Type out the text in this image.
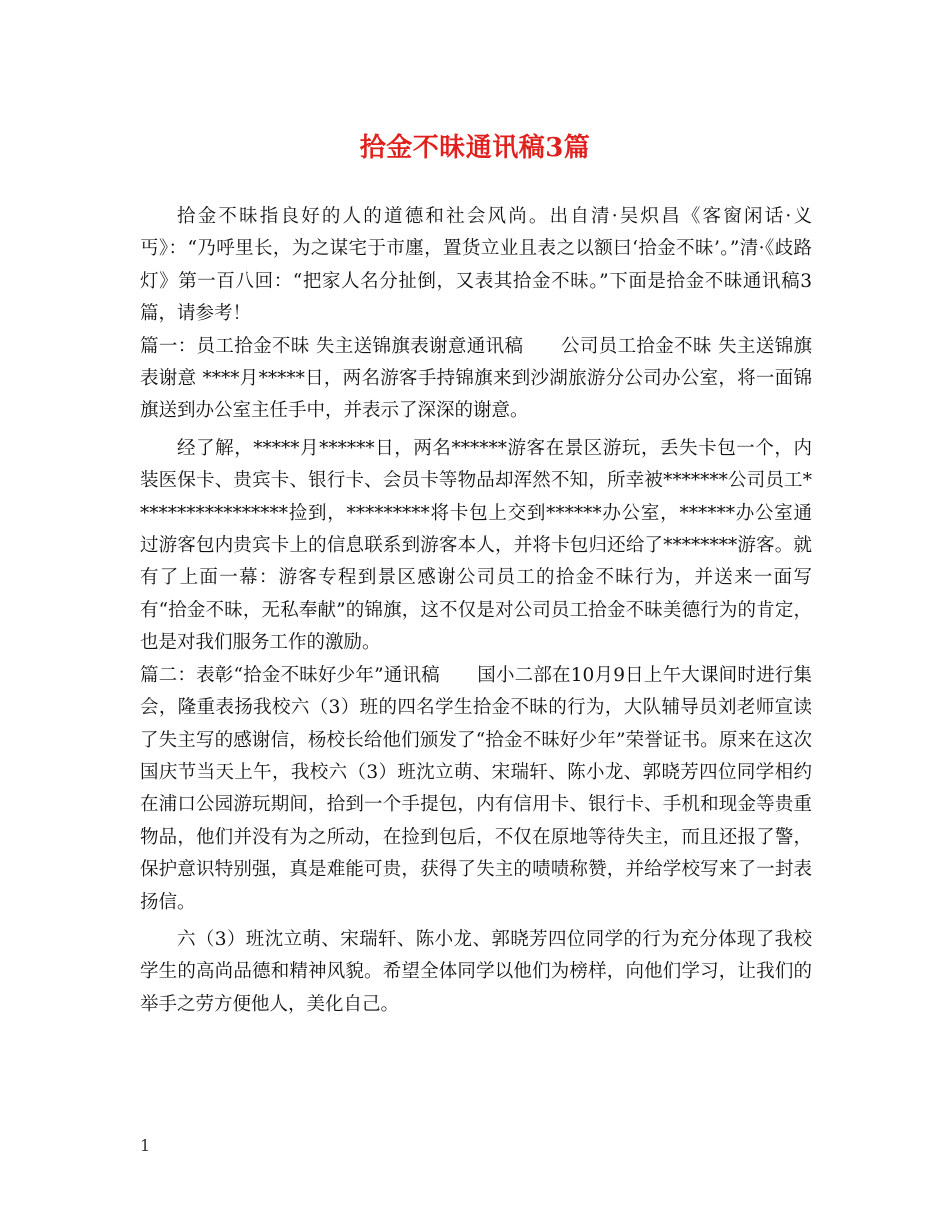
拾金不昧通讯稿3篇

拾金不昧指良好的人的道德和社会风尚。出自清·吴炽昌《客窗闲话·义丐》：“乃呼里长，为之谋宅于市廛，置货立业且表之以额曰‘拾金不昧’。”清·《歧路灯》第一百八回：“把家人名分扯倒，又表其拾金不昧。”下面是拾金不昧通讯稿3篇，请参考！

篇一：员工拾金不昧 失主送锦旗表谢意通讯稿　　公司员工拾金不昧 失主送锦旗表谢意 ****月*****日，两名游客手持锦旗来到沙湖旅游分公司办公室，将一面锦旗送到办公室主任手中，并表示了深深的谢意。

经了解，*****月******日，两名******游客在景区游玩，丢失卡包一个，内装医保卡、贵宾卡、银行卡、会员卡等物品却浑然不知，所幸被*******公司员工*****************捡到，*********将卡包上交到******办公室，******办公室通过游客包内贵宾卡上的信息联系到游客本人，并将卡包归还给了********游客。就有了上面一幕：游客专程到景区感谢公司员工的拾金不昧行为，并送来一面写有“拾金不昧，无私奉献”的锦旗，这不仅是对公司员工拾金不昧美德行为的肯定，也是对我们服务工作的激励。

篇二：表彰“拾金不昧好少年”通讯稿　　国小二部在10月9日上午大课间时进行集会，隆重表扬我校六（3）班的四名学生拾金不昧的行为，大队辅导员刘老师宣读了失主写的感谢信，杨校长给他们颁发了“拾金不昧好少年”荣誉证书。原来在这次国庆节当天上午，我校六（3）班沈立萌、宋瑞轩、陈小龙、郭晓芳四位同学相约在浦口公园游玩期间，拾到一个手提包，内有信用卡、银行卡、手机和现金等贵重物品，他们并没有为之所动，在捡到包后，不仅在原地等待失主，而且还报了警，保护意识特别强，真是难能可贵，获得了失主的啧啧称赞，并给学校写来了一封表扬信。

六（3）班沈立萌、宋瑞轩、陈小龙、郭晓芳四位同学的行为充分体现了我校学生的高尚品德和精神风貌。希望全体同学以他们为榜样，向他们学习，让我们的举手之劳方便他人，美化自己。

1
